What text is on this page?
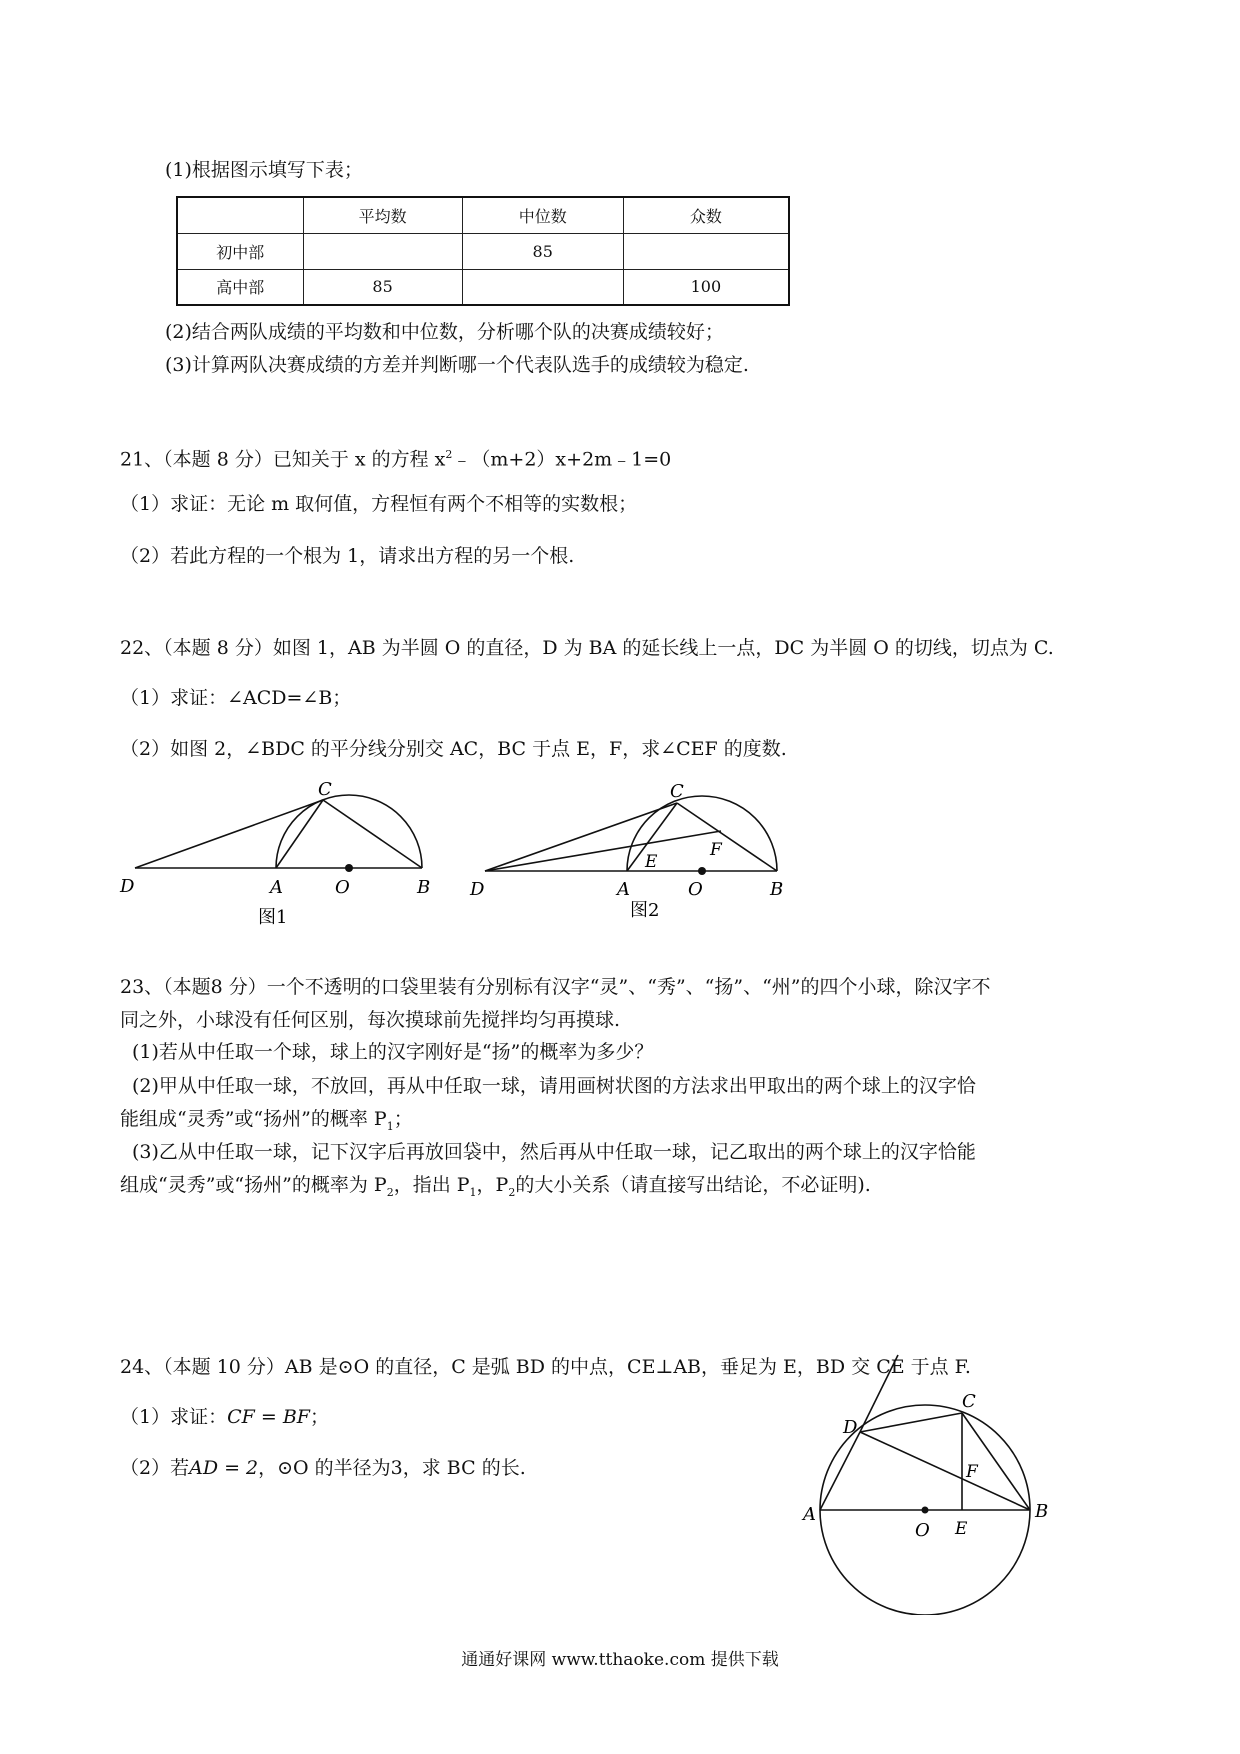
(1)根据图示填写下表；
	平均数	中位数	众数
初中部		85	
高中部	85		100
(2)结合两队成绩的平均数和中位数，分析哪个队的决赛成绩较好；
(3)计算两队决赛成绩的方差并判断哪一个代表队选手的成绩较为稳定.
21、（本题 8 分）已知关于 x 的方程 $x^2﹣(m+2)x+2m﹣1=0$
（1）求证：无论 m 取何值，方程恒有两个不相等的实数根；
（2）若此方程的一个根为 1，请求出方程的另一个根.
22、（本题 8 分）如图 1，AB 为半圆 O 的直径，D 为 BA 的延长线上一点，DC 为半圆 O 的切线，切点为 C.
（1）求证：∠ACD=∠B；
（2）如图 2，∠BDC 的平分线分别交 AC，BC 于点 E，F，求∠CEF 的度数.
C
D	A	O	B
图1
C
D	A	O	B
E
F
图2
23、（本题8 分）一个不透明的口袋里装有分别标有汉字“灵”、“秀”、“扬”、“州”的四个小球，除汉字不
同之外，小球没有任何区别，每次摸球前先搅拌均匀再摸球.
(1)若从中任取一个球，球上的汉字刚好是“扬”的概率为多少？
(2)甲从中任取一球，不放回，再从中任取一球，请用画树状图的方法求出甲取出的两个球上的汉字恰
能组成“灵秀”或“扬州”的概率 $P_1$；
(3)乙从中任取一球，记下汉字后再放回袋中，然后再从中任取一球，记乙取出的两个球上的汉字恰能
组成“灵秀”或“扬州”的概率为 $P_2$，指出 $P_1$，$P_2$的大小关系（请直接写出结论，不必证明).
24、（本题 10 分）AB 是⊙O 的直径，C 是弧 BD 的中点，CE⊥AB，垂足为 E，BD 交 CE 于点 F.
（1）求证：CF = BF；
（2）若AD = 2，⊙O 的半径为3，求 BC 的长.
A	B
C
D
E
F
O
通通好课网 www.tthaoke.com 提供下载
